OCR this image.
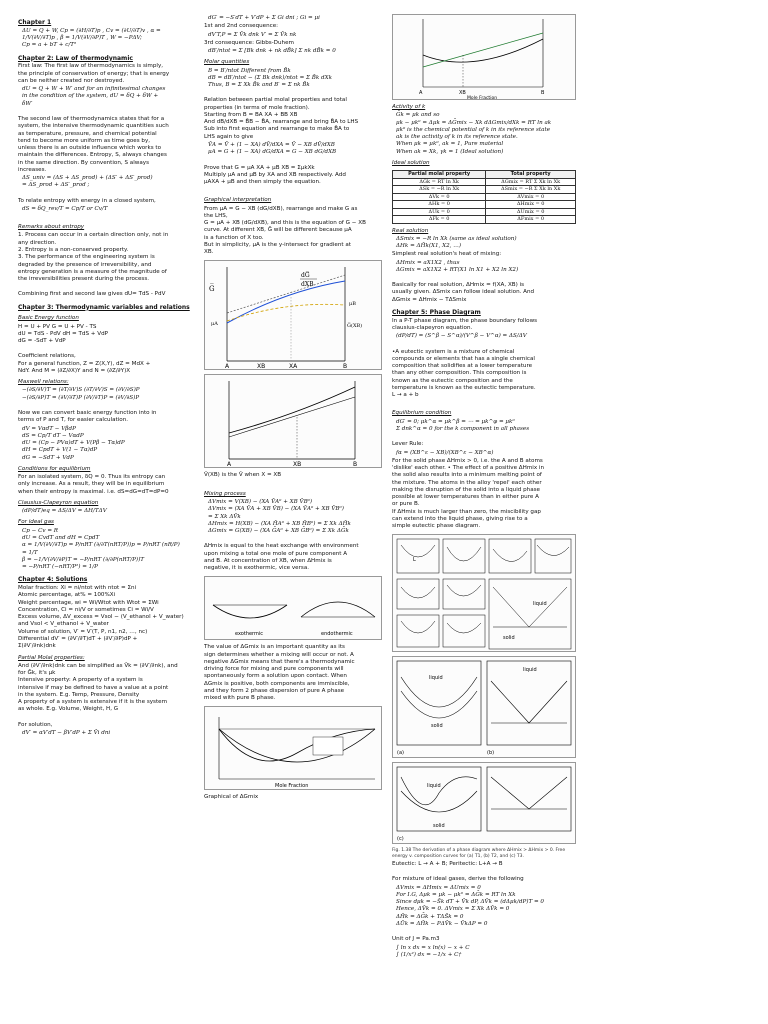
Chapter 1
ΔU = Q + W, Cp = (∂H/∂T)p , Cv = (∂U/∂T)v , α =
1/V(∂V/∂T)p , β = 1/V(∂V/∂P)T , W = −PΔV;
Cp = a + bT + c/T²
Chapter 2: Law of thermodynamic
First law: The first law of thermodynamics is simply,
the principle of conservation of energy; that is energy
can be neither created nor destroyed.
dU = Q + W + W′ and for an infinitesimal changes
in the condition of the system, dU = δQ + δW +
δW′
The second law of thermodynamics states that for a
system, the intensive thermodynamic quantities such
as temperature, pressure, and chemical potential
tend to become more uniform as time goes by,
unless there is an outside influence which works to
maintain the differences. Entropy, S, always changes
in the same direction. By convention, S always
increases.
ΔS_univ = (ΔS + ΔS_prod) + (ΔS′ + ΔS′_prod)
= ΔS_prod + ΔS′_prod ;
To relate entropy with energy in a closed system,
dS = δQ_rev/T = Cp/T or Cv/T
Remarks about entropy
1. Process can occur in a certain direction only, not in
any direction.
2. Entropy is a non-conserved property.
3. The performance of the engineering system is
degraded by the presence of irreversibility, and
entropy generation is a measure of the magnitude of
the irreversibilities present during the process.
Combining first and second law gives dU= TdS - PdV
Chapter 3: Thermodynamic variables and relations
Basic Energy function
H = U + PV G = U + PV - TS
dU = TdS - PdV dH = TdS + VdP
dG = -SdT + VdP
Coefficient relations,
For a general function, Z = Z(X,Y), dZ = MdX +
NdY. And M = (∂Z/∂X)Y and N = (∂Z/∂Y)X
Maxwell relations:
−(∂S/∂V)T = (∂T/∂V)S (∂T/∂V)S = (∂V/∂S)P
−(∂S/∂P)T = (∂V/∂T)P (∂V/∂T)P = (∂V/∂S)P
Now we can convert basic energy function into in
terms of P and T, for easier calculation.
dV = VαdT − VβdP
dS = Cp/T dT − VαdP
dU = (Cp − PVα)dT + V(Pβ − Tα)dP
dH = CpdT + V(1 − Tα)dP
dG = −SdT + VdP
Conditions for equilibrium
For an isolated system, δQ = 0. Thus its entropy can
only increase. As a result, they will be in equilibrium
when their entropy is maximal. i.e. dS=dG=dT=dP=0
Clausius-Clapeyron equation
(dP/dT)eq = ΔS/ΔV = ΔH/TΔV
For ideal gas
Cp − Cv = R
dU = CvdT and dH = CpdT
α = 1/V(∂V/∂T)p = P/nRT (∂/∂T(nRT/P))p = P/nRT (nR/P)
= 1/T
β = −1/V(∂V/∂P)T = −P/nRT (∂/∂P(nRT/P))T
= −P/nRT (−nRT/P²) = 1/P
Chapter 4: Solutions
Molar fraction: Xi = ni/ntot with ntot = Σni
Atomic percentage, at% = 100%Xi
Weight percentage, wi = Wi/Wtot with Wtot = ΣWi
Concentration, Ci = ni/V or sometimes Ci = Wi/V
Excess volume, ΔV_excess = Vsol − (V_ethanol + V_water)
and Vsol < V_ethanol + V_water
Volume of solution, V′ = V′(T, P, n1, n2, …, nc)
Differential dV′ = (∂V′/∂T)dT + (∂V′/∂P)dP +
Σ(∂V′/∂nk)dnk
Partial Molal properties:
And (∂V′/∂nk)dnk can be simplified as V̄k = (∂V′/∂nk), and
for Ḡk, it's μk
Intensive property: A property of a system is
intensive if may be defined to have a value at a point
in the system. E.g. Temp, Pressure, Density
A property of a system is extensive if it is the system
as whole. E.g. Volume, Weight, H, G
For solution,
dV′ = αV′dT − βV′dP + Σ V̄i dni
dG′ = −S′dT + V′dP + Σ Ḡi dni ; Ḡi = μi
1st and 2nd consequence:
dV′T,P = Σ V̄k dnk V′ = Σ V̄k nk
3rd consequence: Gibbs-Duhem
dB′/ntot = Σ [Bk dnk + nk dB̄k] Σ nk dB̄k = 0
Molar quantities
B = B′/ntot Different from B̄k
dB = dB′/ntot − (Σ Bk dnk)/ntot = Σ B̄k dXk
Thus, B = Σ Xk B̄k and B′ = Σ nk B̄k
Relation between partial molal properties and total
properties (in terms of mole fraction).
Starting from B = BA XA + BB XB
And dB/dXB = B̄B − B̄A, rearrange and bring B̄A to LHS
Sub into first equation and rearrange to make B̄A to
LHS again to give
V̄A = V̄ + (1 − XA) dV̄/dXA = V̄ − XB dV̄/dXB
μA = G + (1 − XA) dG/dXA = G − XB dG/dXB
Prove that G = μA XA + μB XB = ΣμkXk
Multiply μA and μB by XA and XB respectively. Add
μAXA + μB and then simply the equation.
Graphical interpretation
From μA = G − XB (dG/dXB), rearrange and make G as
the LHS,
G = μA + XB (dG/dXB), and this is the equation of G − XB
curve. At different XB, Ḡ will be different because μA
is a function of X too.
But in simplicity, μA is the y-intersect for gradient at
XB.
G̅
dG̅
dXB
μB
G̅(XB)
μA
A	XB	XA	B
A	XB	B
V̄(XB) is the V̄ when X = XB
Mixing process
ΔVmix = V(XB) − (XA V̄A⁰ + XB V̄B⁰)
ΔVmix = (XA V̄A + XB V̄B) − (XA V̄A⁰ + XB V̄B⁰)
= Σ Xk ΔV̄k
ΔHmix = H(XB) − (XA H̄A⁰ + XB H̄B⁰) = Σ Xk ΔH̄k
ΔGmix = G(XB) − (XA ḠA⁰ + XB ḠB⁰) = Σ Xk ΔḠk
ΔHmix is equal to the heat exchange with environment
upon mixing a total one mole of pure component A
and B. At concentration of XB, when ΔHmix is
negative, it is exothermic, vice versa.
exothermic	endothermic
The value of ΔGmix is an important quantity as its
sign determines whether a mixing will occur or not. A
negative ΔGmix means that there's a thermodynamic
driving force for mixing and pure components will
spontaneously form a solution upon contact. When
ΔGmix is positive, both components are immiscible,
and they form 2 phase dispersion of pure A phase
mixed with pure B phase.
Mole Fraction
Graphical of ΔGmix
A	XB	B
Mole Fraction
Activity of k
Ḡk = μk and so
μk − μk⁰ = Δμk = ΔḠmix − Xk dΔGmix/dXk = RT ln ak
μk⁰ is the chemical potential of k in its reference state
ak is the activity of k in its reference state.
When μk = μk⁰, ak = 1, Pure material
When ak = Xk, γk = 1 (Ideal solution)
Ideal solution
Partial molal property	Total property
ΔḠk = RT ln Xk	ΔGmix = RT Σ Xk ln Xk
ΔS̄k = −R ln Xk	ΔSmix = −R Σ Xk ln Xk
ΔV̄k = 0	ΔVmix = 0
ΔH̄k = 0	ΔHmix = 0
ΔŪk = 0	ΔUmix = 0
ΔF̄k = 0	ΔFmix = 0
Real solution
ΔSmix = −R ln Xk (same as ideal solution)
ΔHk = ΔH̄k(X1, X2, …)
Simplest real solution's heat of mixing:
ΔHmix = aX1X2 , thus
ΔGmix = aX1X2 + RT(X1 ln X1 + X2 ln X2)
Basically for real solution, ΔHmix = f(XA, XB) is
usually given. ΔSmix can follow ideal solution. And
ΔGmix = ΔHmix − TΔSmix
Chapter 5: Phase Diagram
In a P-T phase diagram, the phase boundary follows
clausius-clapeyron equation.
(dP/dT) = (S^β − S^α)/(V^β − V^α) = ΔS/ΔV
•A eutectic system is a mixture of chemical
compounds or elements that has a single chemical
composition that solidifies at a lower temperature
than any other composition. This composition is
known as the eutectic composition and the
temperature is known as the eutectic temperature.
L → a + b
Equilibrium condition
dG′ = 0; μk^α = μk^β = ⋯ = μk^φ = μk⁰
Σ dnk^α = 0 for the k component in all phases
Lever Rule:
fα = (XB^ε − XB)/(XB^ε − XB^α)
For the solid phase ΔHmix > 0, i.e. the A and B atoms
'dislike' each other. • The effect of a positive ΔHmix in
the solid also results into a minimum melting point of
the mixture. The atoms in the alloy 'repel' each other
making the disruption of the solid into a liquid phase
possible at lower temperatures than in either pure A
or pure B.
If ΔHmix is much larger than zero, the miscibility gap
can extend into the liquid phase, giving rise to a
simple eutectic phase diagram.
liquid
solid
L
liquid
solid
liquid
(a)	(b)
liquid
solid
(c)
Fig. 1.38 The derivation of a phase diagram where ΔHmix > ΔHmix > 0. Free energy v. composition curves for (a) T1, (b) T2, and (c) T3.
Eutectic: L → A + B; Peritectic: L+A → B
For mixture of ideal gases, derive the following
ΔVmix = ΔHmix = ΔUmix = 0
For I.G, Δμk = μk − μk⁰ = ΔḠk = RT ln Xk
Since dμk = −S̄k dT + V̄k dP, ΔV̄k = (dΔμk/dP)T = 0
Hence, ΔV̄k = 0. ΔVmix = Σ Xk ΔV̄k = 0
ΔH̄k = ΔḠk + TΔS̄k = 0
ΔŪk = ΔH̄k − PΔV̄k − V̄kΔP = 0
Unit of J = Pa.m3
∫ ln x dx = x ln(x) − x + C
∫ (1/x²) dx = −1/x + C†
